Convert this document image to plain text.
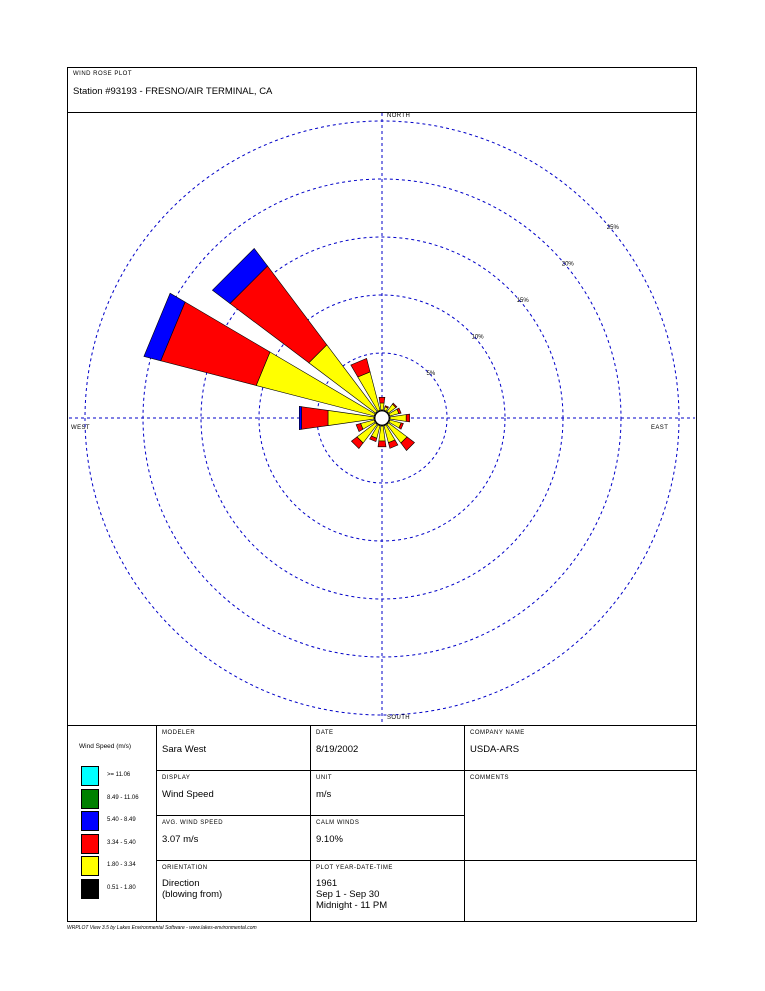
WIND ROSE PLOT
Station #93193 - FRESNO/AIR TERMINAL, CA
5%
10%
15%
20%
25%
NORTH
SOUTH
WEST	EAST
Wind Speed (m/s)
>= 11.06
8.49 - 11.06
5.40 - 8.49
3.34 - 5.40
1.80 - 3.34
0.51 - 1.80
MODELER
Sara West
DATE
8/19/2002
COMPANY NAME
USDA-ARS
DISPLAY
Wind Speed
UNIT
m/s
COMMENTS
AVG. WIND SPEED
3.07 m/s
CALM WINDS
9.10%
ORIENTATION
Direction
(blowing from)
PLOT YEAR-DATE-TIME
1961
Sep 1 - Sep 30
Midnight - 11 PM
WRPLOT View 3.5 by Lakes Environmental Software - www.lakes-environmental.com
